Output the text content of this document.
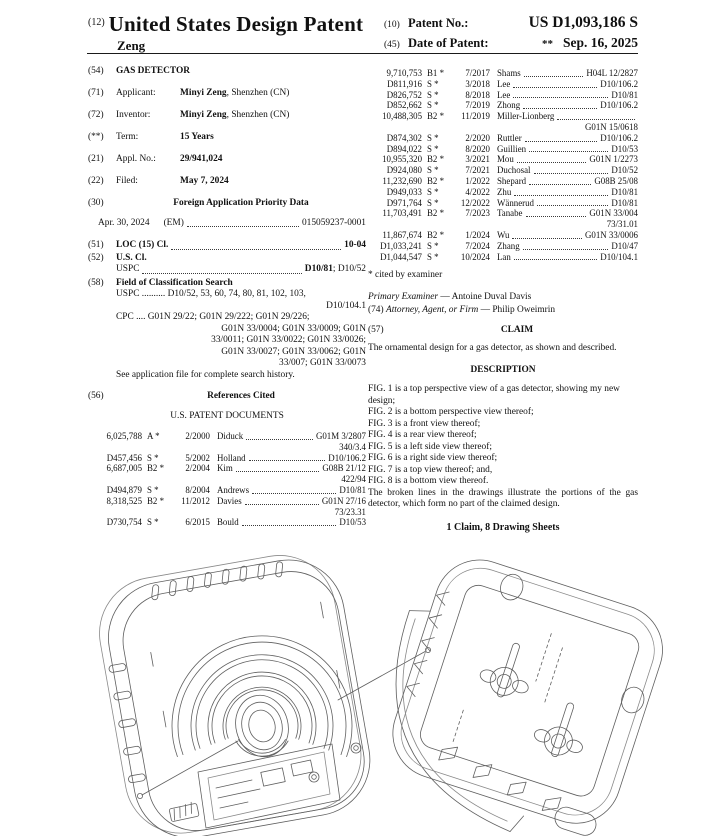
$^{(12)}$ United States Design Patent
Zeng
(10) Patent No.:	US D1,093,186 S
(45) Date of Patent:	** Sep. 16, 2025
(54)	GAS DETECTOR
(71)	Applicant:	Minyi Zeng, Shenzhen (CN)
(72)	Inventor:	Minyi Zeng, Shenzhen (CN)
(**)	Term:	15 Years
(21)	Appl. No.:	29/941,024
(22)	Filed:	May 7, 2024
(30)	Foreign Application Priority Data
Apr. 30, 2024 (EM)	015059237-0001
(51)	LOC (15) Cl.	10-04
(52)	U.S. Cl.
USPC	D10/81; D10/52
(58)	Field of Classification Search
USPC .......... D10/52, 53, 60, 74, 80, 81, 102, 103,
D10/104.1
CPC .... G01N 29/22; G01N 29/222; G01N 29/226;
G01N 33/0004; G01N 33/0009; G01N
33/0011; G01N 33/0022; G01N 33/0026;
G01N 33/0027; G01N 33/0062; G01N
33/007; G01N 33/0073
See application file for complete search history.
(56)	References Cited
U.S. PATENT DOCUMENTS
6,025,788 A *	2/2000 Diduck	G01M 3/2807
340/3.4
D457,456 S *	5/2002 Holland	D10/106.2
6,687,005 B2 *	2/2004 Kim	G08B 21/12
422/94
D494,879 S *	8/2004 Andrews	D10/81
8,318,525 B2 *	11/2012 Davies	G01N 27/16
73/23.31
D730,754 S *	6/2015 Bould	D10/53
9,710,753 B1 *	7/2017 Shams	H04L 12/2827
D811,916 S *	3/2018 Lee	D10/106.2
D826,752 S *	8/2018 Lee	D10/81
D852,662 S *	7/2019 Zhong	D10/106.2
10,488,305 B2 *	11/2019 Miller-Lionberg
G01N 15/0618
D874,302 S *	2/2020 Ruttler	D10/106.2
D894,022 S *	8/2020 Guillien	D10/53
10,955,320 B2 *	3/2021 Mou	G01N 1/2273
D924,080 S *	7/2021 Duchosal	D10/52
11,232,690 B2 *	1/2022 Shepard	G08B 25/08
D949,033 S *	4/2022 Zhu	D10/81
D971,764 S *	12/2022 Wännerud	D10/81
11,703,491 B2 *	7/2023 Tanabe	G01N 33/004
73/31.01
11,867,674 B2 *	1/2024 Wu	G01N 33/0006
D1,033,241 S *	7/2024 Zhang	D10/47
D1,044,547 S *	10/2024 Lan	D10/104.1
* cited by examiner
Primary Examiner — Antoine Duval Davis
(74) Attorney, Agent, or Firm — Philip Oweimrin
(57)	CLAIM
The ornamental design for a gas detector, as shown and described.
DESCRIPTION
FIG. 1 is a top perspective view of a gas detector, showing my new design;
FIG. 2 is a bottom perspective view thereof;
FIG. 3 is a front view thereof;
FIG. 4 is a rear view thereof;
FIG. 5 is a left side view thereof;
FIG. 6 is a right side view thereof;
FIG. 7 is a top view thereof; and,
FIG. 8 is a bottom view thereof.
The broken lines in the drawings illustrate the portions of the gas detector, which form no part of the claimed design.
1 Claim, 8 Drawing Sheets
